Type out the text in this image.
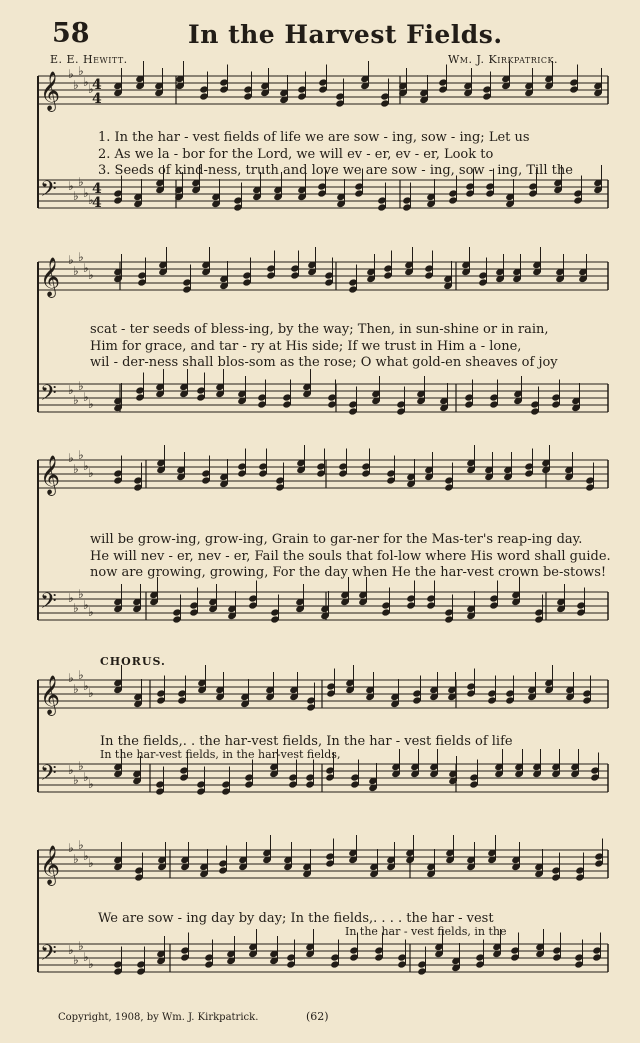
58	In the Harvest Fields.
E. E. Hewitt.	Wm. J. Kirkpatrick.
𝄞 ♭
♭
♭
♭ ♭
𝄢 ♭
♭
♭
♭ ♭
𝄞 ♭
♭
♭
♭ ♭
𝄢 ♭
♭
♭
♭ ♭
𝄞 ♭
♭
♭
♭ ♭
𝄢 ♭
♭
♭
♭ ♭
𝄞 ♭
♭
♭
♭ ♭
𝄢 ♭
♭
♭
♭ ♭
𝄞 ♭
♭
♭
♭ ♭
𝄢 ♭
♭
♭
♭ ♭
4
4
4
4
1. In the har - vest fields of life we are sow - ing, sow - ing; Let us
2. As we la - bor for the Lord, we will ev - er, ev - er, Look to
3. Seeds of kind-ness, truth and love we are sow - ing, sow - ing, Till the
scat - ter seeds of bless-ing, by the way; Then, in sun-shine or in rain,
Him for grace, and tar - ry at His side; If we trust in Him a - lone,
wil - der-ness shall blos-som as the rose; O what gold-en sheaves of joy
will be grow-ing, grow-ing, Grain to gar-ner for the Mas-ter's reap-ing day.
He will nev - er, nev - er, Fail the souls that fol-low where His word shall guide.
now are growing, growing, For the day when He the har-vest crown be-stows!
CHORUS.
In the fields,. . the har-vest fields, In the har - vest fields of life
In the har-vest fields, in the har-vest fields,
We are sow - ing day by day; In the fields,. . . . the har - vest
In the har - vest fields, in the
Copyright, 1908, by Wm. J. Kirkpatrick.	(62)
